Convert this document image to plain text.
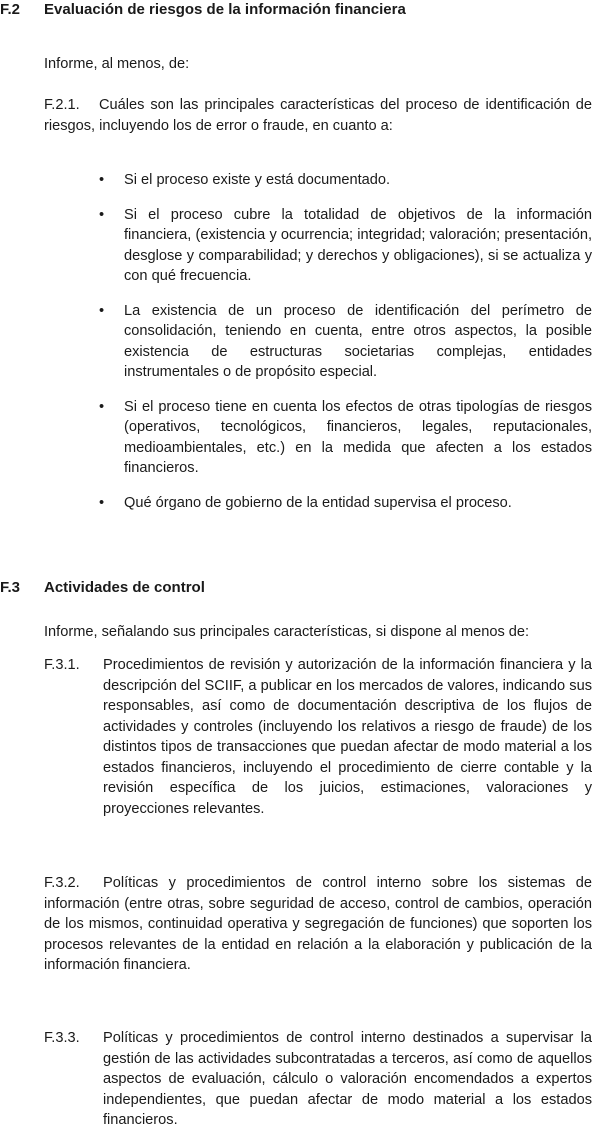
F.2 Evaluación de riesgos de la información financiera
Informe, al menos, de:
F.2.1.	Cuáles son las principales características del proceso de identificación de riesgos, incluyendo los de error o fraude, en cuanto a:
• Si el proceso existe y está documentado.
• Si el proceso cubre la totalidad de objetivos de la información financiera, (existencia y ocurrencia; integridad; valoración; presentación, desglose y comparabilidad; y derechos y obligaciones), si se actualiza y con qué frecuencia.
• La existencia de un proceso de identificación del perímetro de consolidación, teniendo en cuenta, entre otros aspectos, la posible existencia de estructuras societarias complejas, entidades instrumentales o de propósito especial.
• Si el proceso tiene en cuenta los efectos de otras tipologías de riesgos (operativos, tecnológicos, financieros, legales, reputacionales, medioambientales, etc.) en la medida que afecten a los estados financieros.
• Qué órgano de gobierno de la entidad supervisa el proceso.
F.3 Actividades de control
Informe, señalando sus principales características, si dispone al menos de:
F.3.1.	Procedimientos de revisión y autorización de la información financiera y la descripción del SCIIF, a publicar en los mercados de valores, indicando sus responsables, así como de documentación descriptiva de los flujos de actividades y controles (incluyendo los relativos a riesgo de fraude) de los distintos tipos de transacciones que puedan afectar de modo material a los estados financieros, incluyendo el procedimiento de cierre contable y la revisión específica de los juicios, estimaciones, valoraciones y proyecciones relevantes.
F.3.2.	Políticas y procedimientos de control interno sobre los sistemas de información (entre otras, sobre seguridad de acceso, control de cambios, operación de los mismos, continuidad operativa y segregación de funciones) que soporten los procesos relevantes de la entidad en relación a la elaboración y publicación de la información financiera.
F.3.3.	Políticas y procedimientos de control interno destinados a supervisar la gestión de las actividades subcontratadas a terceros, así como de aquellos aspectos de evaluación, cálculo o valoración encomendados a expertos independientes, que puedan afectar de modo material a los estados financieros.
